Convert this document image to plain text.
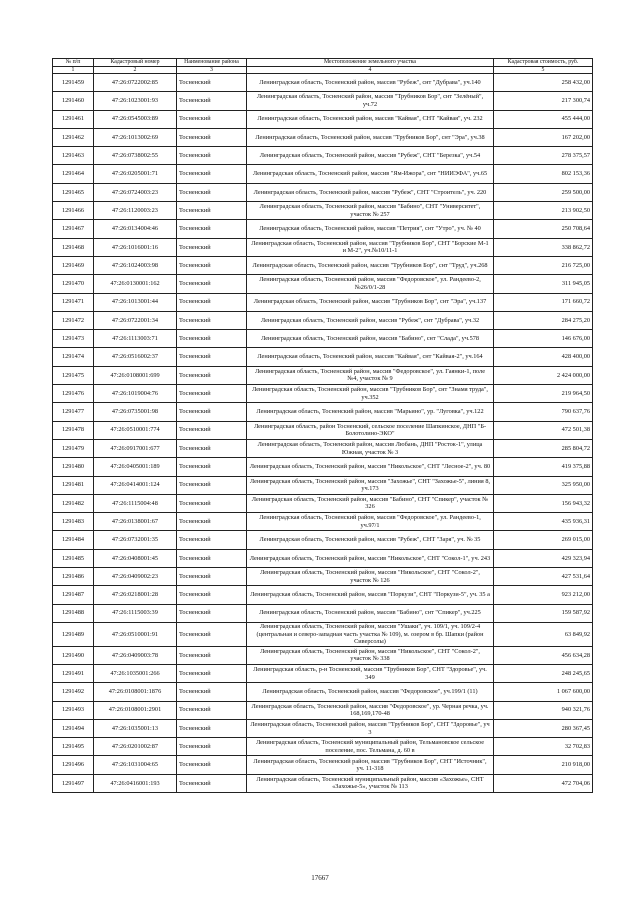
№ п/п	Кадастровый номер	Наименование района	Местоположение земельного участка	Кадастровая стоимость, руб.
1	2	3	4	5
1291459	47:26:0722002:85	Тосненский	Ленинградская область, Тосненский район, массив "Рубеж", снт "Дубрава", уч.140	258 432,00
1291460	47:26:1023001:93	Тосненский	Ленинградская область, Тосненский район, массив "Трубников Бор", снт "Зелёный", уч.72	217 300,74
1291461	47:26:0545003:89	Тосненский	Ленинградская область, Тосненский район, массив "Кайвая", СНТ "Кайвая", уч. 232	455 444,00
1291462	47:26:1013002:69	Тосненский	Ленинградская область, Тосненский район, массив "Трубников Бор", снт "Эра", уч.38	167 202,00
1291463	47:26:0738002:55	Тосненский	Ленинградская область, Тосненский район, массив "Рубеж", СНТ "Березка", уч.54	278 375,57
1291464	47:26:0205001:71	Тосненский	Ленинградская область, Тосненский район, массив "Ям-Ижора", снт "НИИЭФА", уч.65	802 153,36
1291465	47:26:0724003:23	Тосненский	Ленинградская область, Тосненский район, массив "Рубеж", СНТ "Строитель", уч. 220	259 500,00
1291466	47:26:1120003:23	Тосненский	Ленинградская область, Тосненский район, массив "Бабино", СНТ "Университет", участок № 257	213 902,50
1291467	47:26:0134004:46	Тосненский	Ленинградская область, Тосненский район, массив "Петрия", снт "Утро", уч. № 40	250 708,64
1291468	47:26:1016001:16	Тосненский	Ленинградская область, Тосненский район, массив "Трубников Бор", СНТ "Борские М-1 и М-2", уч.№10/11-1	338 862,72
1291469	47:26:1024003:98	Тосненский	Ленинградская область, Тосненский район, массив "Трубников Бор", снт "Труд", уч.268	216 725,00
1291470	47:26:0130001:162	Тосненский	Ленинградская область, Тосненский район, массив "Федоровское", ул. Рандеево-2, №26/0/1-28	311 945,05
1291471	47:26:1013001:44	Тосненский	Ленинградская область, Тосненский район, массив "Трубников Бор", снт "Эра", уч.137	171 660,72
1291472	47:26:0722001:34	Тосненский	Ленинградская область, Тосненский район, массив "Рубеж", снт "Дубрава", уч.32	284 275,20
1291473	47:26:1113003:71	Тосненский	Ленинградская область, Тосненский район, массив "Бабино", снт "Слада", уч.578	146 676,00
1291474	47:26:0516002:37	Тосненский	Ленинградская область, Тосненский район, массив "Кайвая", снт "Кайвая-2", уч.164	428 400,00
1291475	47:26:0108001:699	Тосненский	Ленинградская область, Тосненский район, массив "Федоровское", ул. Гаянки-1, поле №4, участок № 9	2 424 000,00
1291476	47:26:1019004:76	Тосненский	Ленинградская область, Тосненский район, массив "Трубников Бор", снт "Знамя труда", уч.352	219 964,50
1291477	47:26:0735001:98	Тосненский	Ленинградская область, Тосненский район, массив "Марьино", ур. "Луговка", уч.122	790 637,76
1291478	47:26:0510001:774	Тосненский	Ленинградская область, район Тосненский, сельское поселение Шапкинское, ДНП "Б-Болотолино-ЭКО"	472 501,38
1291479	47:26:0917001:677	Тосненский	Ленинградская область, Тосненский район, массив Любань, ДНП "Росток-1", улица Южная, участок № 3	285 804,72
1291480	47:26:0405001:189	Тосненский	Ленинградская область, Тосненский район, массив "Никольское", СНТ "Лесное-2", уч. 80	419 375,88
1291481	47:26:0414001:124	Тосненский	Ленинградская область, Тосненский район, массив "Захожье", СНТ "Захожье-5", линия 8, уч.173	325 950,00
1291482	47:26:1115004:48	Тосненский	Ленинградская область, Тосненский район, массив "Бабино", СНТ "Спикер", участок № 326	156 943,32
1291483	47:26:0138001:67	Тосненский	Ленинградская область, Тосненский район, массив "Федоровское", ул. Рандеево-1, уч.97/1	435 936,31
1291484	47:26:0732001:35	Тосненский	Ленинградская область, Тосненский район, массив "Рубеж", СНТ "Заря", уч. № 35	269 015,00
1291485	47:26:0408001:45	Тосненский	Ленинградская область, Тосненский район, массив "Никольское", СНТ "Сокол-1", уч. 243	429 323,94
1291486	47:26:0409002:23	Тосненский	Ленинградская область, Тосненский район, массив "Никольское", СНТ "Сокол-2", участок № 126	427 531,64
1291487	47:26:0218001:28	Тосненский	Ленинградская область, Тосненский район, массив "Поркузи", СНТ "Поркузи-5", уч. 35 а	923 212,00
1291488	47:26:1115003:39	Тосненский	Ленинградская область, Тосненский район, массив "Бабино", снт "Спикер", уч.225	159 587,92
1291489	47:26:0510001:91	Тосненский	Ленинградская область, Тосненский район, массив "Ушаки", уч. 109/1, уч. 109/2-4 (центральная и северо-западная часть участка № 109), м. озером в бр. Шапки (район Сиверсолы)	63 849,92
1291490	47:26:0409003:78	Тосненский	Ленинградская область, Тосненский район, массив "Никольское", СНТ "Сокол-2", участок № 338	456 634,28
1291491	47:26:1035001:266	Тосненский	Ленинградская область, р-н Тосненский, массив "Трубников Бор", СНТ "Здоровье", уч. 349	248 245,65
1291492	47:26:0108001:1876	Тосненский	Ленинградская область, Тосненский район, массив "Федоровское", уч.199/1 (11)	1 067 600,00
1291493	47:26:0108001:2901	Тосненский	Ленинградская область, Тосненский район, массив "Федоровское", ур. Черная речка, уч. 168,169,170-48	940 321,76
1291494	47:26:1035001:13	Тосненский	Ленинградская область, Тосненский район, массив "Трубников Бор", СНТ "Здоровье", уч 3	280 367,45
1291495	47:26:0201002:87	Тосненский	Ленинградская область, Тосненский муниципальный район, Тельмановское сельское поселение, пос. Тельмана, д. 60 в	32 702,83
1291496	47:26:1031004:65	Тосненский	Ленинградская область, Тосненский район, массив "Трубников Бор", СНТ "Источник", уч. 11-318	210 918,00
1291497	47:26:0416001:193	Тосненский	Ленинградская область, Тосненский муниципальный район, массив «Захожье», СНТ «Захожье-5», участок № 113	472 704,06
17667
